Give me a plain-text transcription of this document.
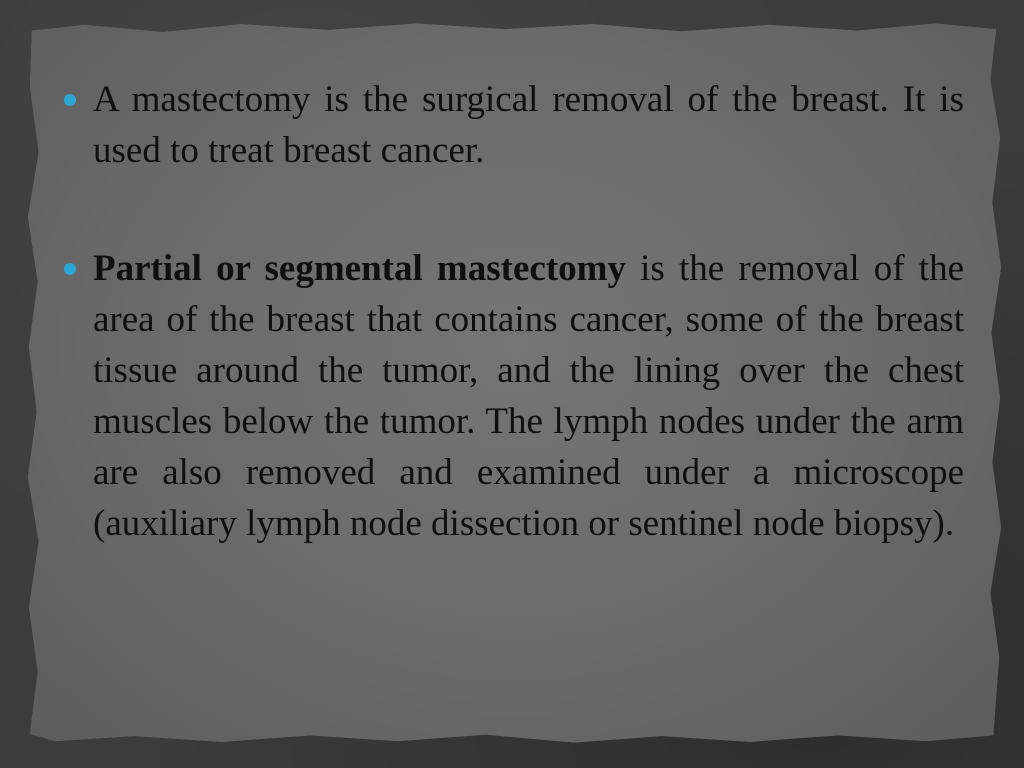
A mastectomy is the surgical removal of the breast. It is used to treat breast cancer.

Partial or segmental mastectomy is the removal of the area of the breast that contains cancer, some of the breast tissue around the tumor, and the lining over the chest muscles below the tumor. The lymph nodes under the arm are also removed and examined under a microscope (auxiliary lymph node dissection or sentinel node biopsy).
